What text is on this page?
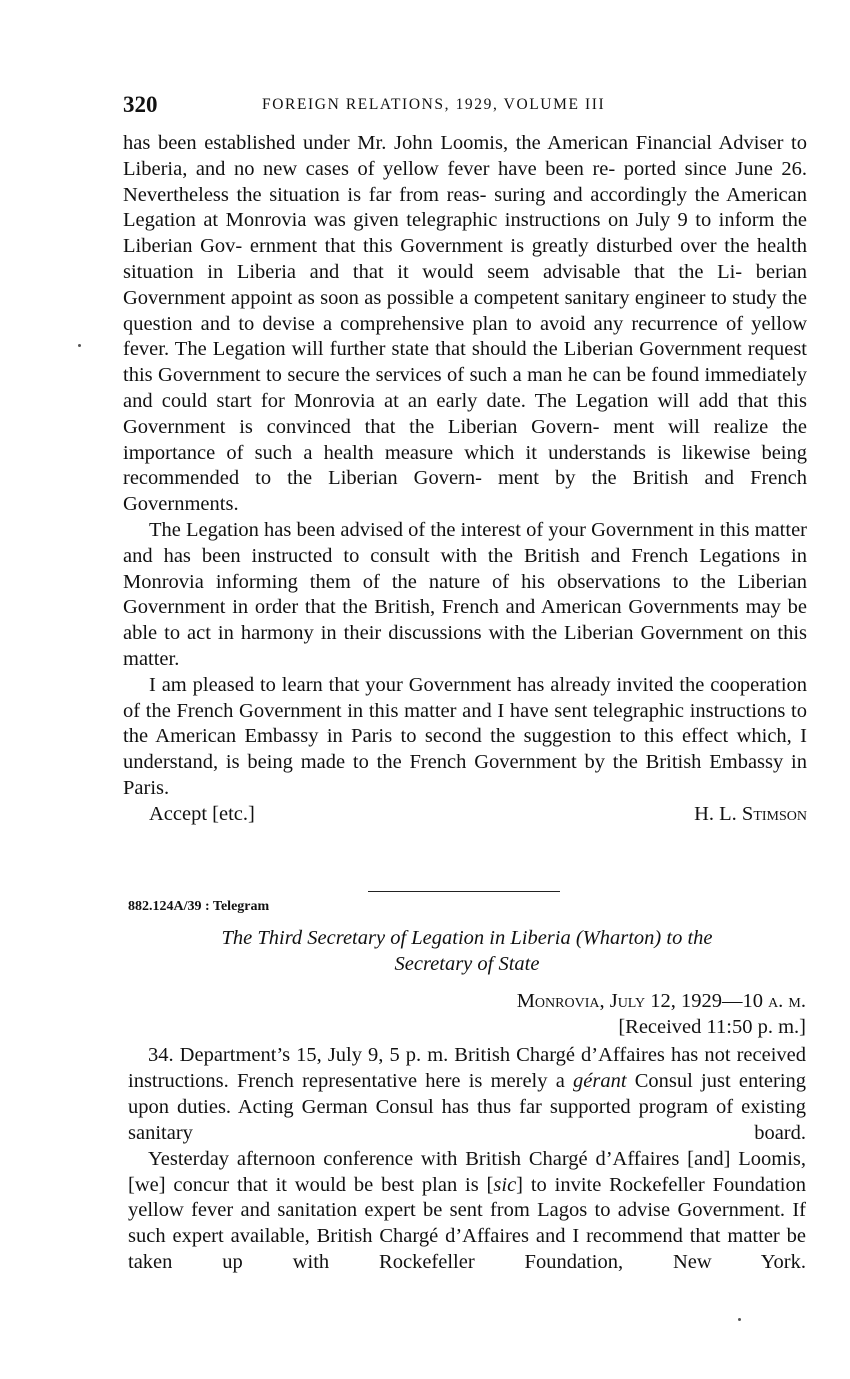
320	FOREIGN RELATIONS, 1929, VOLUME III

has been established under Mr. John Loomis, the American Financial Adviser to Liberia, and no new cases of yellow fever have been re- ported since June 26. Nevertheless the situation is far from reas- suring and accordingly the American Legation at Monrovia was given telegraphic instructions on July 9 to inform the Liberian Gov- ernment that this Government is greatly disturbed over the health situation in Liberia and that it would seem advisable that the Li- berian Government appoint as soon as possible a competent sanitary engineer to study the question and to devise a comprehensive plan to avoid any recurrence of yellow fever. The Legation will further state that should the Liberian Government request this Government to secure the services of such a man he can be found immediately and could start for Monrovia at an early date. The Legation will add that this Government is convinced that the Liberian Govern- ment will realize the importance of such a health measure which it understands is likewise being recommended to the Liberian Govern- ment by the British and French Governments.

The Legation has been advised of the interest of your Government in this matter and has been instructed to consult with the British and French Legations in Monrovia informing them of the nature of his observations to the Liberian Government in order that the British, French and American Governments may be able to act in harmony in their discussions with the Liberian Government on this matter.

I am pleased to learn that your Government has already invited the cooperation of the French Government in this matter and I have sent telegraphic instructions to the American Embassy in Paris to second the suggestion to this effect which, I understand, is being made to the French Government by the British Embassy in Paris.

Accept [etc.]	H. L. Stimson
882.124A/39 : Telegram
The Third Secretary of Legation in Liberia (Wharton) to the
Secretary of State
Monrovia, July 12, 1929—10 a. m.
[Received 11:50 p. m.]

34. Department’s 15, July 9, 5 p. m. British Chargé d’Affaires has not received instructions. French representative here is merely a gérant Consul just entering upon duties. Acting German Consul has thus far supported program of existing sanitary board.

Yesterday afternoon conference with British Chargé d’Affaires [and] Loomis, [we] concur that it would be best plan is [sic] to invite Rockefeller Foundation yellow fever and sanitation expert be sent from Lagos to advise Government. If such expert available, British Chargé d’Affaires and I recommend that matter be taken up with Rockefeller Foundation, New York.
